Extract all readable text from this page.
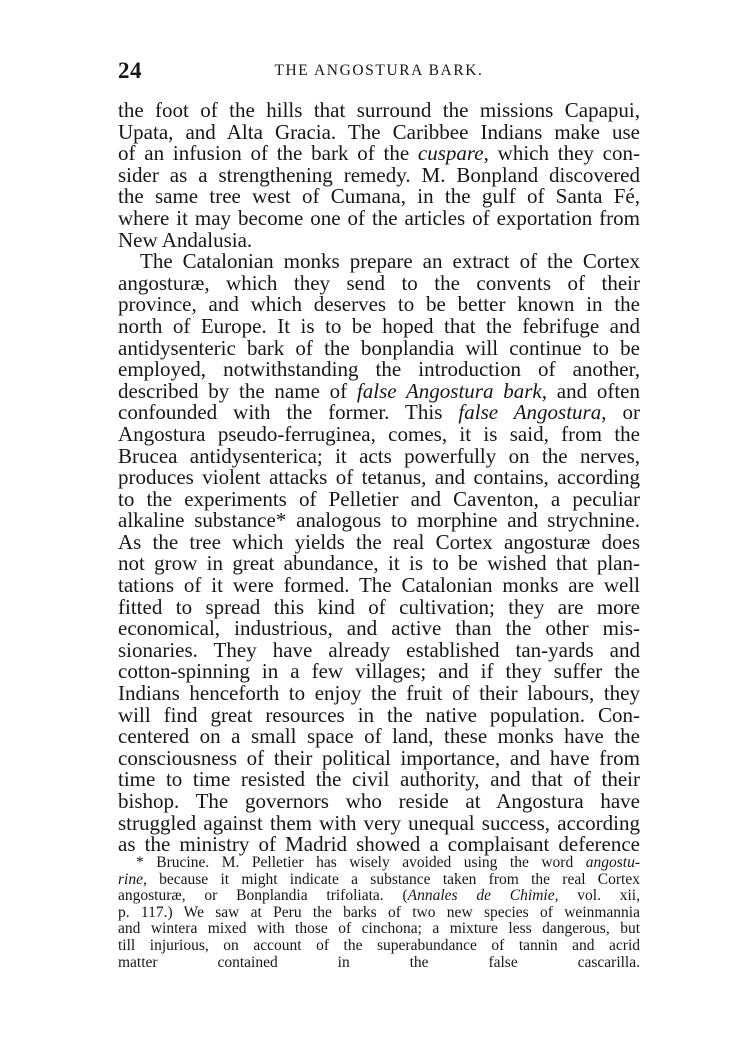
24	THE ANGOSTURA BARK.
the foot of the hills that surround the missions Capapui,
Upata, and Alta Gracia. The Caribbee Indians make use
of an infusion of the bark of the cuspare, which they con-
sider as a strengthening remedy. M. Bonpland discovered
the same tree west of Cumana, in the gulf of Santa Fé,
where it may become one of the articles of exportation from
New Andalusia.
The Catalonian monks prepare an extract of the Cortex
angosturæ, which they send to the convents of their
province, and which deserves to be better known in the
north of Europe. It is to be hoped that the febrifuge and
antidysenteric bark of the bonplandia will continue to be
employed, notwithstanding the introduction of another,
described by the name of false Angostura bark, and often
confounded with the former. This false Angostura, or
Angostura pseudo-ferruginea, comes, it is said, from the
Brucea antidysenterica; it acts powerfully on the nerves,
produces violent attacks of tetanus, and contains, according
to the experiments of Pelletier and Caventon, a peculiar
alkaline substance* analogous to morphine and strychnine.
As the tree which yields the real Cortex angosturæ does
not grow in great abundance, it is to be wished that plan-
tations of it were formed. The Catalonian monks are well
fitted to spread this kind of cultivation; they are more
economical, industrious, and active than the other mis-
sionaries. They have already established tan-yards and
cotton-spinning in a few villages; and if they suffer the
Indians henceforth to enjoy the fruit of their labours, they
will find great resources in the native population. Con-
centered on a small space of land, these monks have the
consciousness of their political importance, and have from
time to time resisted the civil authority, and that of their
bishop. The governors who reside at Angostura have
struggled against them with very unequal success, according
as the ministry of Madrid showed a complaisant deference
* Brucine. M. Pelletier has wisely avoided using the word angostu-
rine, because it might indicate a substance taken from the real Cortex
angosturæ, or Bonplandia trifoliata. (Annales de Chimie, vol. xii,
p. 117.) We saw at Peru the barks of two new species of weinmannia
and wintera mixed with those of cinchona; a mixture less dangerous, but
till injurious, on account of the superabundance of tannin and acrid
matter contained in the false cascarilla.
